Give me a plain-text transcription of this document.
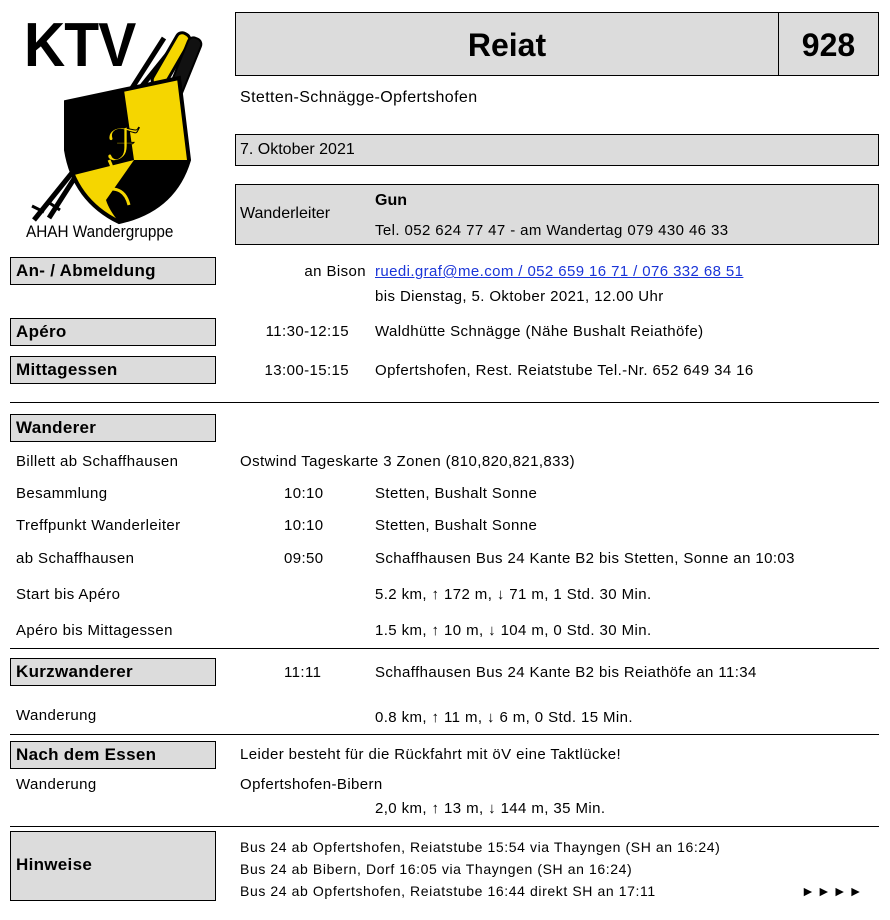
KTV
ℱ
AHAH Wandergruppe
Reiat	928
Stetten-Schnägge-Opfertshofen
7. Oktober 2021
Wanderleiter
Gun
Tel. 052 624 77 47 - am Wandertag 079 430 46 33
An- / Abmeldung	an Bison ruedi.graf@me.com / 052 659 16 71 / 076 332 68 51
bis Dienstag, 5. Oktober 2021, 12.00 Uhr
Apéro	11:30-12:15 Waldhütte Schnägge (Nähe Bushalt Reiathöfe)
Mittagessen	13:00-15:15 Opfertshofen, Rest. Reiatstube Tel.-Nr. 652 649 34 16
Wanderer
Billett ab Schaffhausen	Ostwind Tageskarte 3 Zonen (810,820,821,833)
Besammlung	10:10	Stetten, Bushalt Sonne
Treffpunkt Wanderleiter	10:10	Stetten, Bushalt Sonne
ab Schaffhausen	09:50	Schaffhausen Bus 24 Kante B2 bis Stetten, Sonne an 10:03
Start bis Apéro	5.2 km, ↑ 172 m, ↓ 71 m, 1 Std. 30 Min.
Apéro bis Mittagessen	1.5 km, ↑ 10 m, ↓ 104 m, 0 Std. 30 Min.
Kurzwanderer	11:11	Schaffhausen Bus 24 Kante B2 bis Reiathöfe an 11:34
Wanderung	0.8 km, ↑ 11 m, ↓ 6 m, 0 Std. 15 Min.
Nach dem Essen	Leider besteht für die Rückfahrt mit öV eine Taktlücke!
Wanderung	Opfertshofen-Bibern
2,0 km, ↑ 13 m, ↓ 144 m, 35 Min.
Hinweise
Bus 24 ab Opfertshofen, Reiatstube 15:54 via Thayngen (SH an 16:24)
Bus 24 ab Bibern, Dorf 16:05 via Thayngen (SH an 16:24)
Bus 24 ab Opfertshofen, Reiatstube 16:44 direkt SH an 17:11	►►►►
